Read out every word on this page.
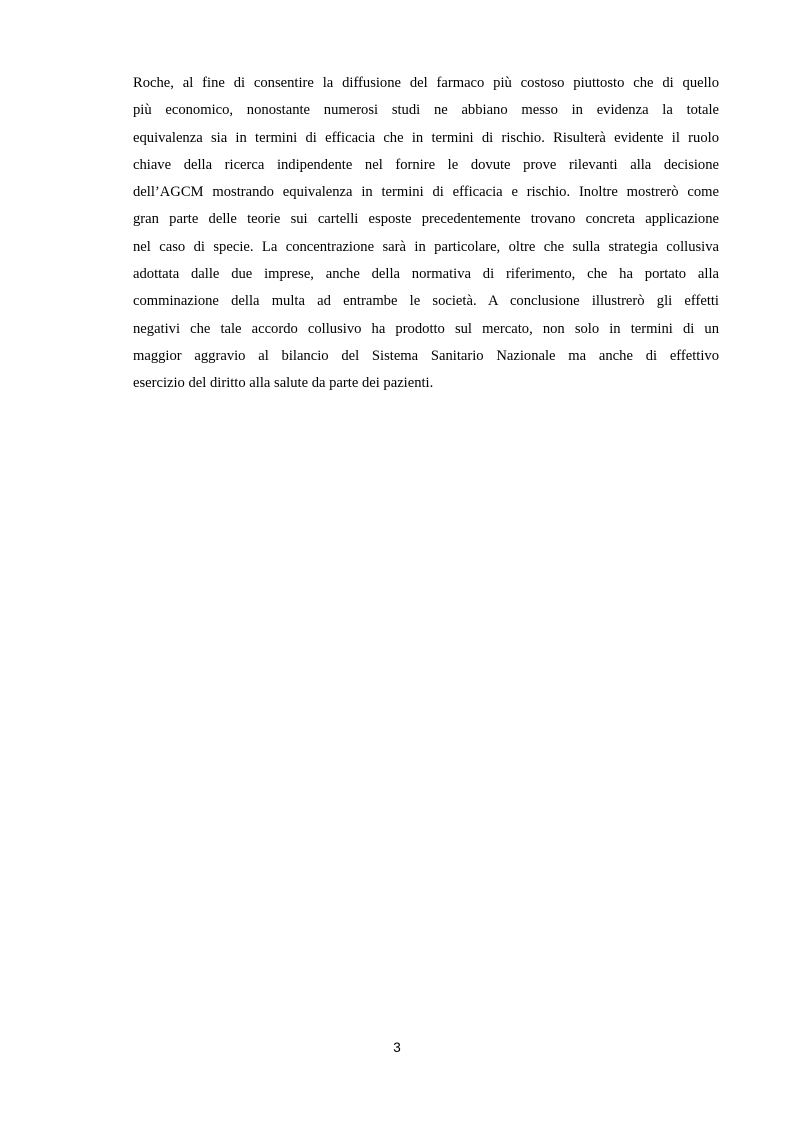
Roche, al fine di consentire la diffusione del farmaco più costoso piuttosto che di quello
più economico, nonostante numerosi studi ne abbiano messo in evidenza la totale
equivalenza sia in termini di efficacia che in termini di rischio. Risulterà evidente il ruolo
chiave della ricerca indipendente nel fornire le dovute prove rilevanti alla decisione
dell’AGCM mostrando equivalenza in termini di efficacia e rischio. Inoltre mostrerò come
gran parte delle teorie sui cartelli esposte precedentemente trovano concreta applicazione
nel caso di specie. La concentrazione sarà in particolare, oltre che sulla strategia collusiva
adottata dalle due imprese, anche della normativa di riferimento, che ha portato alla
comminazione della multa ad entrambe le società. A conclusione illustrerò gli effetti
negativi che tale accordo collusivo ha prodotto sul mercato, non solo in termini di un
maggior aggravio al bilancio del Sistema Sanitario Nazionale ma anche di effettivo
esercizio del diritto alla salute da parte dei pazienti.
3
